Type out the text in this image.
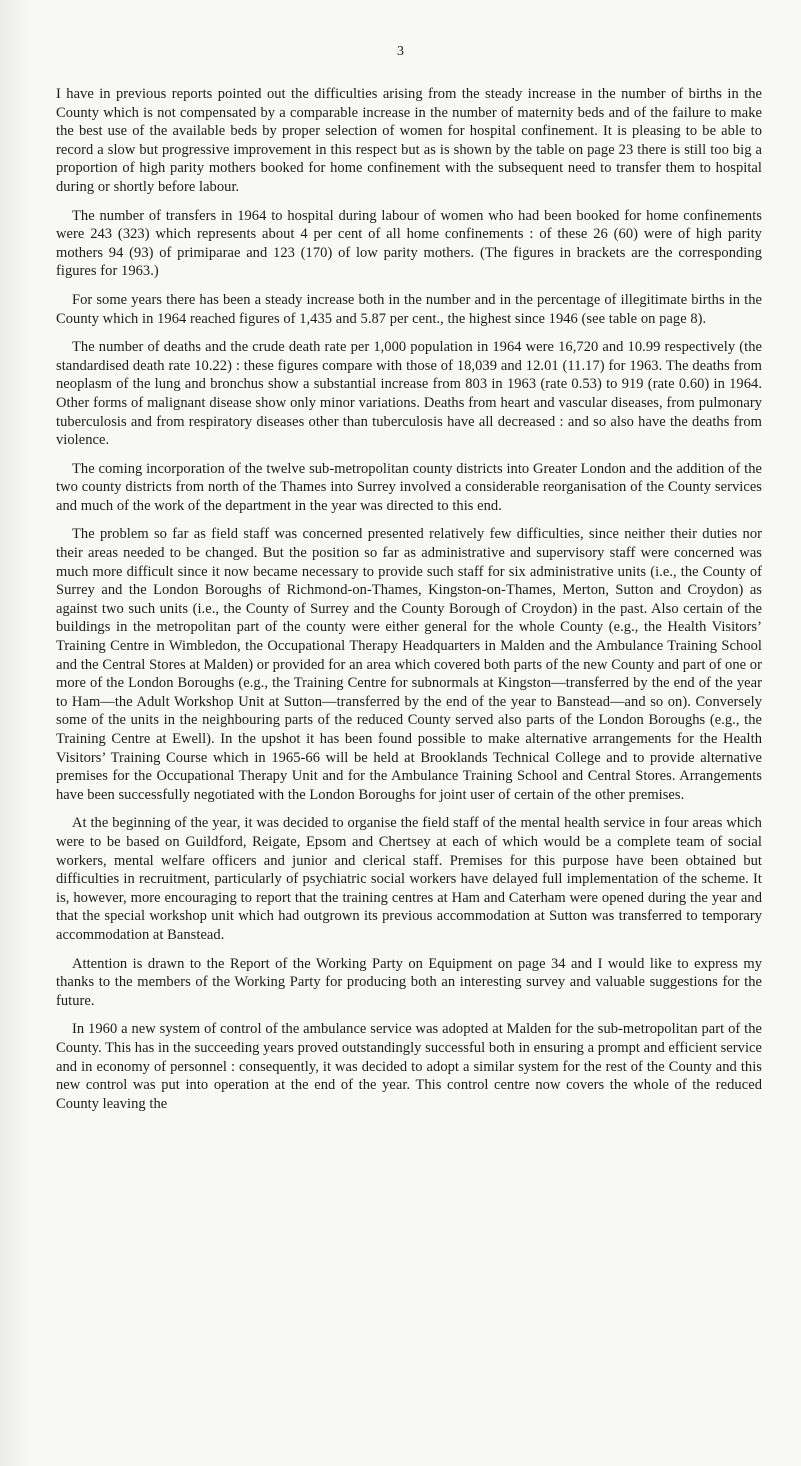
3

I have in previous reports pointed out the difficulties arising from the steady increase in the number of births in the County which is not compensated by a comparable increase in the number of maternity beds and of the failure to make the best use of the available beds by proper selection of women for hospital confinement. It is pleasing to be able to record a slow but progressive improvement in this respect but as is shown by the table on page 23 there is still too big a proportion of high parity mothers booked for home confinement with the subsequent need to transfer them to hospital during or shortly before labour.

The number of transfers in 1964 to hospital during labour of women who had been booked for home confinements were 243 (323) which represents about 4 per cent of all home confinements : of these 26 (60) were of high parity mothers 94 (93) of primiparae and 123 (170) of low parity mothers. (The figures in brackets are the corresponding figures for 1963.)

For some years there has been a steady increase both in the number and in the percentage of illegitimate births in the County which in 1964 reached figures of 1,435 and 5.87 per cent., the highest since 1946 (see table on page 8).

The number of deaths and the crude death rate per 1,000 population in 1964 were 16,720 and 10.99 respectively (the standardised death rate 10.22) : these figures compare with those of 18,039 and 12.01 (11.17) for 1963. The deaths from neoplasm of the lung and bronchus show a substantial increase from 803 in 1963 (rate 0.53) to 919 (rate 0.60) in 1964. Other forms of malignant disease show only minor variations. Deaths from heart and vascular diseases, from pulmonary tuberculosis and from respiratory diseases other than tuberculosis have all decreased : and so also have the deaths from violence.

The coming incorporation of the twelve sub-metropolitan county districts into Greater London and the addition of the two county districts from north of the Thames into Surrey involved a considerable reorganisation of the County services and much of the work of the department in the year was directed to this end.

The problem so far as field staff was concerned presented relatively few difficulties, since neither their duties nor their areas needed to be changed. But the position so far as administrative and supervisory staff were concerned was much more difficult since it now became necessary to provide such staff for six administrative units (i.e., the County of Surrey and the London Boroughs of Richmond-on-Thames, Kingston-on-Thames, Merton, Sutton and Croydon) as against two such units (i.e., the County of Surrey and the County Borough of Croydon) in the past. Also certain of the buildings in the metropolitan part of the county were either general for the whole County (e.g., the Health Visitors’ Training Centre in Wimbledon, the Occupational Therapy Headquarters in Malden and the Ambulance Training School and the Central Stores at Malden) or provided for an area which covered both parts of the new County and part of one or more of the London Boroughs (e.g., the Training Centre for subnormals at Kingston—transferred by the end of the year to Ham—the Adult Workshop Unit at Sutton—transferred by the end of the year to Banstead—and so on). Conversely some of the units in the neighbouring parts of the reduced County served also parts of the London Boroughs (e.g., the Training Centre at Ewell). In the upshot it has been found possible to make alternative arrangements for the Health Visitors’ Training Course which in 1965-66 will be held at Brooklands Technical College and to provide alternative premises for the Occupational Therapy Unit and for the Ambulance Training School and Central Stores. Arrangements have been successfully negotiated with the London Boroughs for joint user of certain of the other premises.

At the beginning of the year, it was decided to organise the field staff of the mental health service in four areas which were to be based on Guildford, Reigate, Epsom and Chertsey at each of which would be a complete team of social workers, mental welfare officers and junior and clerical staff. Premises for this purpose have been obtained but difficulties in recruitment, particularly of psychiatric social workers have delayed full implementation of the scheme. It is, however, more encouraging to report that the training centres at Ham and Caterham were opened during the year and that the special workshop unit which had outgrown its previous accommodation at Sutton was transferred to temporary accommodation at Banstead.

Attention is drawn to the Report of the Working Party on Equipment on page 34 and I would like to express my thanks to the members of the Working Party for producing both an interesting survey and valuable suggestions for the future.

In 1960 a new system of control of the ambulance service was adopted at Malden for the sub-metropolitan part of the County. This has in the succeeding years proved outstandingly successful both in ensuring a prompt and efficient service and in economy of personnel : consequently, it was decided to adopt a similar system for the rest of the County and this new control was put into operation at the end of the year. This control centre now covers the whole of the reduced County leaving the
